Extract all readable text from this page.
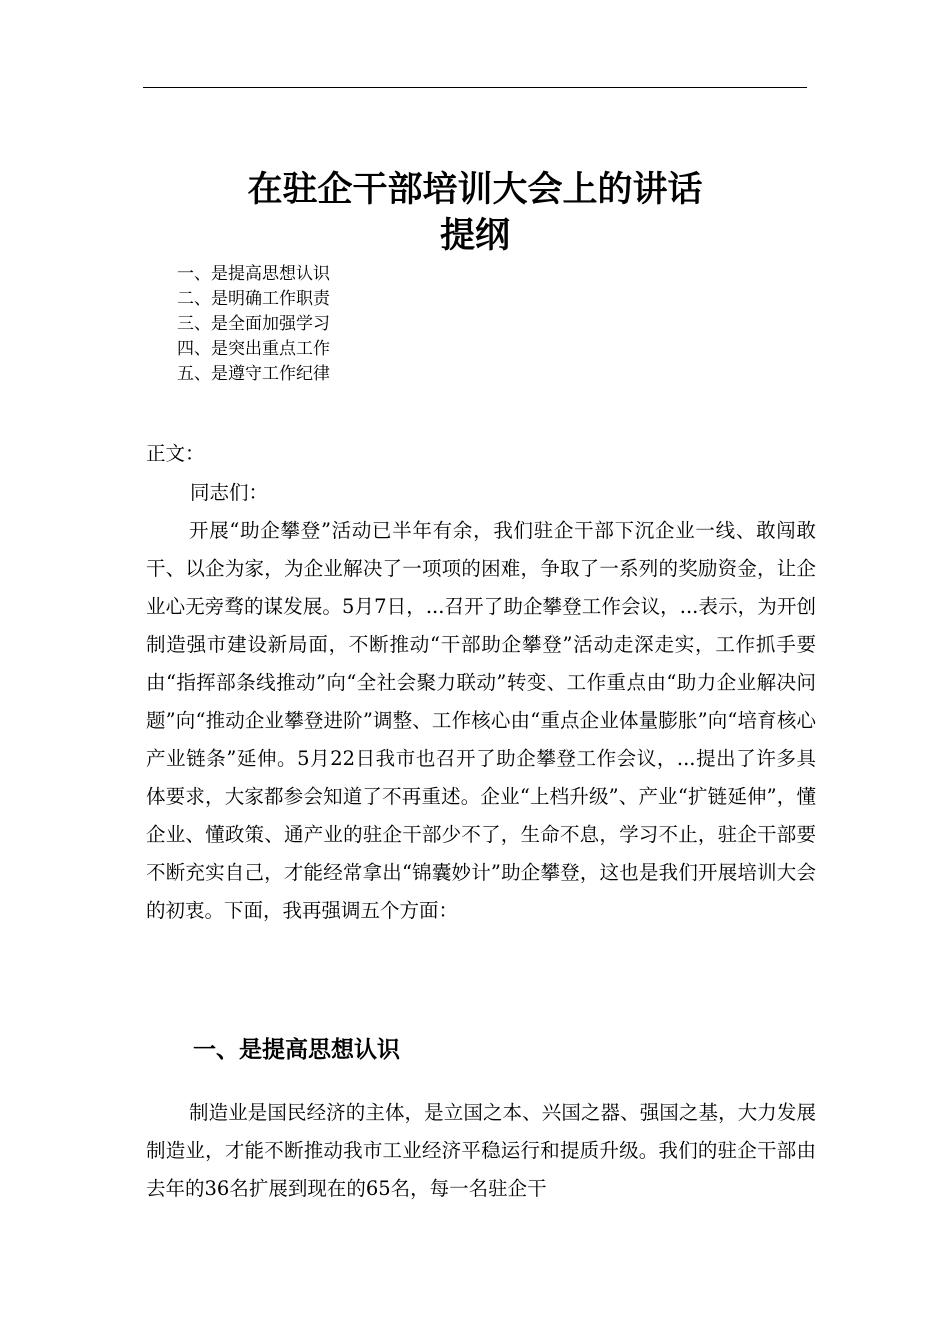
在驻企干部培训大会上的讲话
提纲
一、是提高思想认识
二、是明确工作职责
三、是全面加强学习
四、是突出重点工作
五、是遵守工作纪律

正文：

同志们：

开展“助企攀登”活动已半年有余，我们驻企干部下沉企业一线、敢闯敢干、以企为家，为企业解决了一项项的困难，争取了一系列的奖励资金，让企业心无旁骛的谋发展。5月7日，...召开了助企攀登工作会议，...表示，为开创制造强市建设新局面，不断推动“干部助企攀登”活动走深走实，工作抓手要由“指挥部条线推动”向“全社会聚力联动”转变、工作重点由“助力企业解决问题”向“推动企业攀登进阶”调整、工作核心由“重点企业体量膨胀”向“培育核心产业链条”延伸。5月22日我市也召开了助企攀登工作会议，...提出了许多具体要求，大家都参会知道了不再重述。企业“上档升级”、产业“扩链延伸”，懂企业、懂政策、通产业的驻企干部少不了，生命不息，学习不止，驻企干部要不断充实自己，才能经常拿出“锦囊妙计”助企攀登，这也是我们开展培训大会的初衷。下面，我再强调五个方面：

一、是提高思想认识

制造业是国民经济的主体，是立国之本、兴国之器、强国之基，大力发展制造业，才能不断推动我市工业经济平稳运行和提质升级。我们的驻企干部由去年的36名扩展到现在的65名，每一名驻企干
